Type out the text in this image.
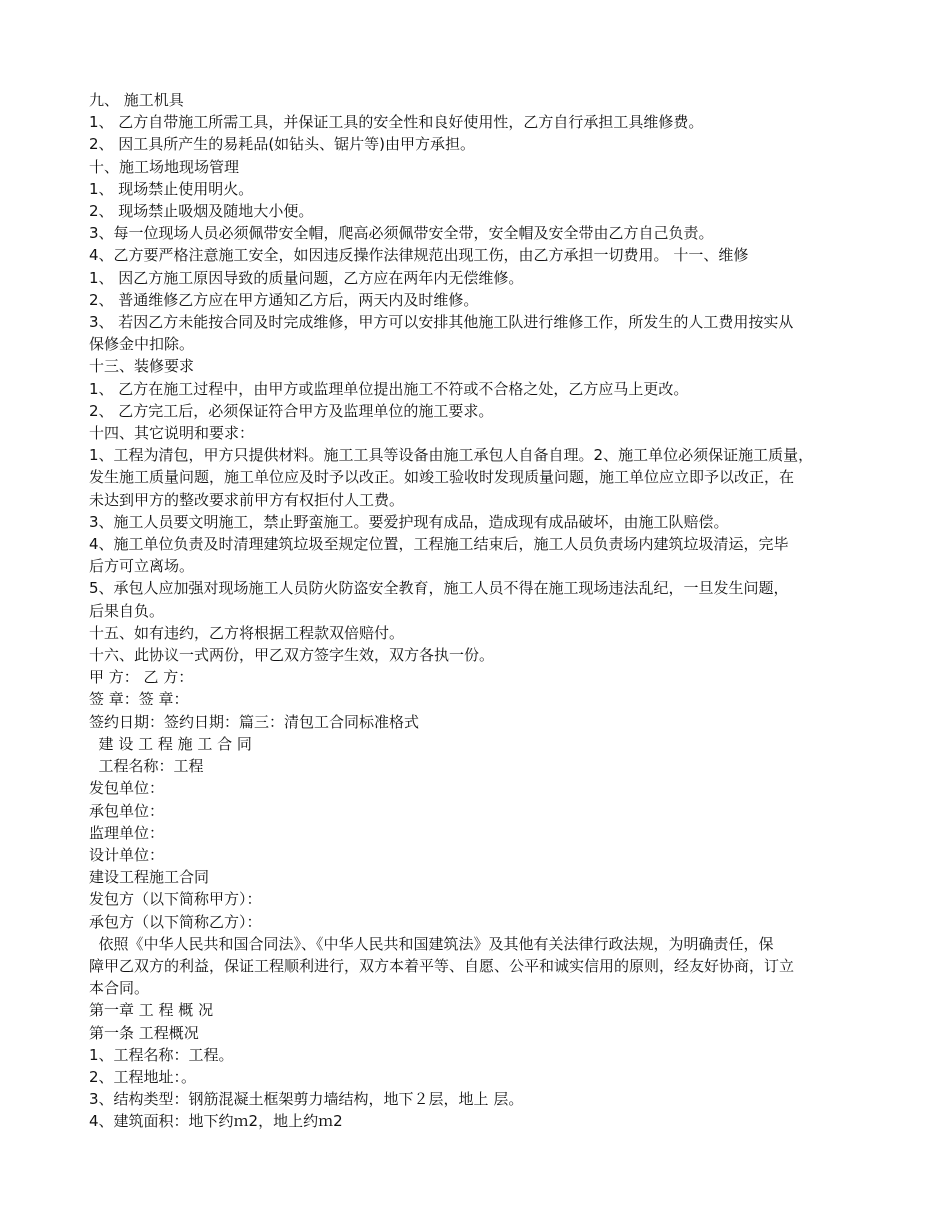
九、 施工机具

1、 乙方自带施工所需工具，并保证工具的安全性和良好使用性，乙方自行承担工具维修费。

2、 因工具所产生的易耗品(如钻头、锯片等)由甲方承担。

十、施工场地现场管理

1、 现场禁止使用明火。

2、 现场禁止吸烟及随地大小便。

3、每一位现场人员必须佩带安全帽，爬高必须佩带安全带，安全帽及安全带由乙方自己负责。

4、乙方要严格注意施工安全，如因违反操作法律规范出现工伤，由乙方承担一切费用。 十一、维修

1、 因乙方施工原因导致的质量问题，乙方应在两年内无偿维修。

2、 普通维修乙方应在甲方通知乙方后，两天内及时维修。

3、 若因乙方未能按合同及时完成维修，甲方可以安排其他施工队进行维修工作，所发生的人工费用按实从

保修金中扣除。

十三、装修要求

1、 乙方在施工过程中，由甲方或监理单位提出施工不符或不合格之处，乙方应马上更改。

2、 乙方完工后，必须保证符合甲方及监理单位的施工要求。

十四、其它说明和要求：

1、工程为清包，甲方只提供材料。施工工具等设备由施工承包人自备自理。2、施工单位必须保证施工质量，

发生施工质量问题，施工单位应及时予以改正。如竣工验收时发现质量问题，施工单位应立即予以改正，在

未达到甲方的整改要求前甲方有权拒付人工费。

3、施工人员要文明施工，禁止野蛮施工。要爱护现有成品，造成现有成品破坏，由施工队赔偿。

4、施工单位负责及时清理建筑垃圾至规定位置，工程施工结束后，施工人员负责场内建筑垃圾清运，完毕

后方可立离场。

5、承包人应加强对现场施工人员防火防盗安全教育，施工人员不得在施工现场违法乱纪，一旦发生问题，

后果自负。

十五、如有违约，乙方将根据工程款双倍赔付。

十六、此协议一式两份，甲乙双方签字生效，双方各执一份。

甲 方： 乙 方：

签 章：签 章：

签约日期：签约日期：篇三：清包工合同标准格式

建 设 工 程 施 工 合 同

工程名称：工程

发包单位：

承包单位：

监理单位：

设计单位：

建设工程施工合同

发包方（以下简称甲方）：

承包方（以下简称乙方）：

依照《中华人民共和国合同法》、《中华人民共和国建筑法》及其他有关法律行政法规，为明确责任，保

障甲乙双方的利益，保证工程顺利进行，双方本着平等、自愿、公平和诚实信用的原则，经友好协商，订立

本合同。

第一章 工 程 概 况

第一条 工程概况

1、工程名称：工程。

2、工程地址：。

3、结构类型：钢筋混凝土框架剪力墙结构，地下２层，地上 层。

4、建筑面积：地下约ｍ2，地上约ｍ2
